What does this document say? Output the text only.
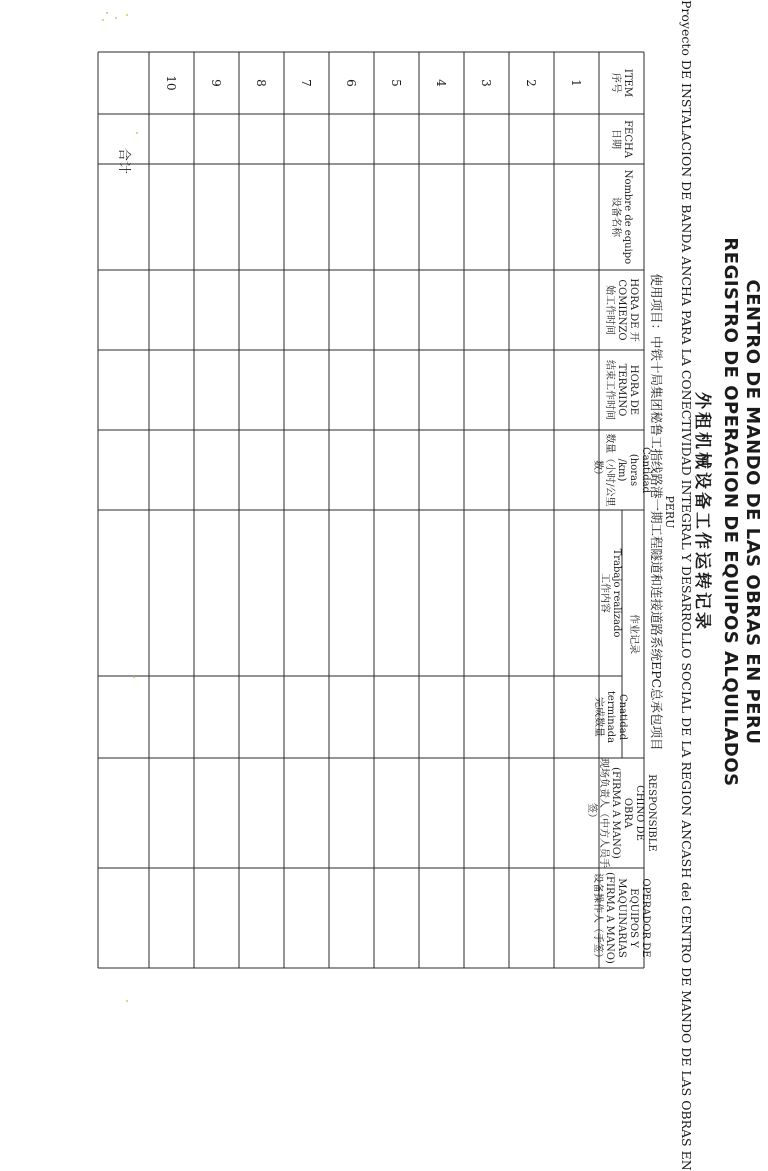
CENTRO DE MANDO DE LAS OBRAS EN PERU
REGISTRO DE OPERACION DE EQUIPOS ALQUILADOS
外租机械设备工作运转记录
Proyecto DE INSTALACION DE BANDA ANCHA PARA LA CONECTIVIDAD INTEGRAL Y DESARROLLO SOCIAL DE LA REGION ANCASH del CENTRO DE MANDO DE LAS OBRAS EN
PERU
使用项目：中铁十局集团秘鲁工指线路港一期工程隧道和连接道路系统EPC总承包项目
ITEM
序号
FECHA
日期
Nombre de equipo
设备名称
HORA DE 开
COMIENZO
始工作时间
HORA DE TERMINO
结束工作时间
Cantidad (horas
/km)
数量（小时/公里
数）
作业记录
Trabajo realizado
工作内容
Cnatidad
terminada
完成数量
RESPONSIBLE CHINO DE
OBRA
(FIRMA A MANO)
现场负责人（中方人员手
签）
OPERADOR DE
EQUIPOS Y
MAQUINARIAS
(FIRMA A MANO)
设备操作人（手签）
1
2
3
4
5
6
7
8
9
10
合计
